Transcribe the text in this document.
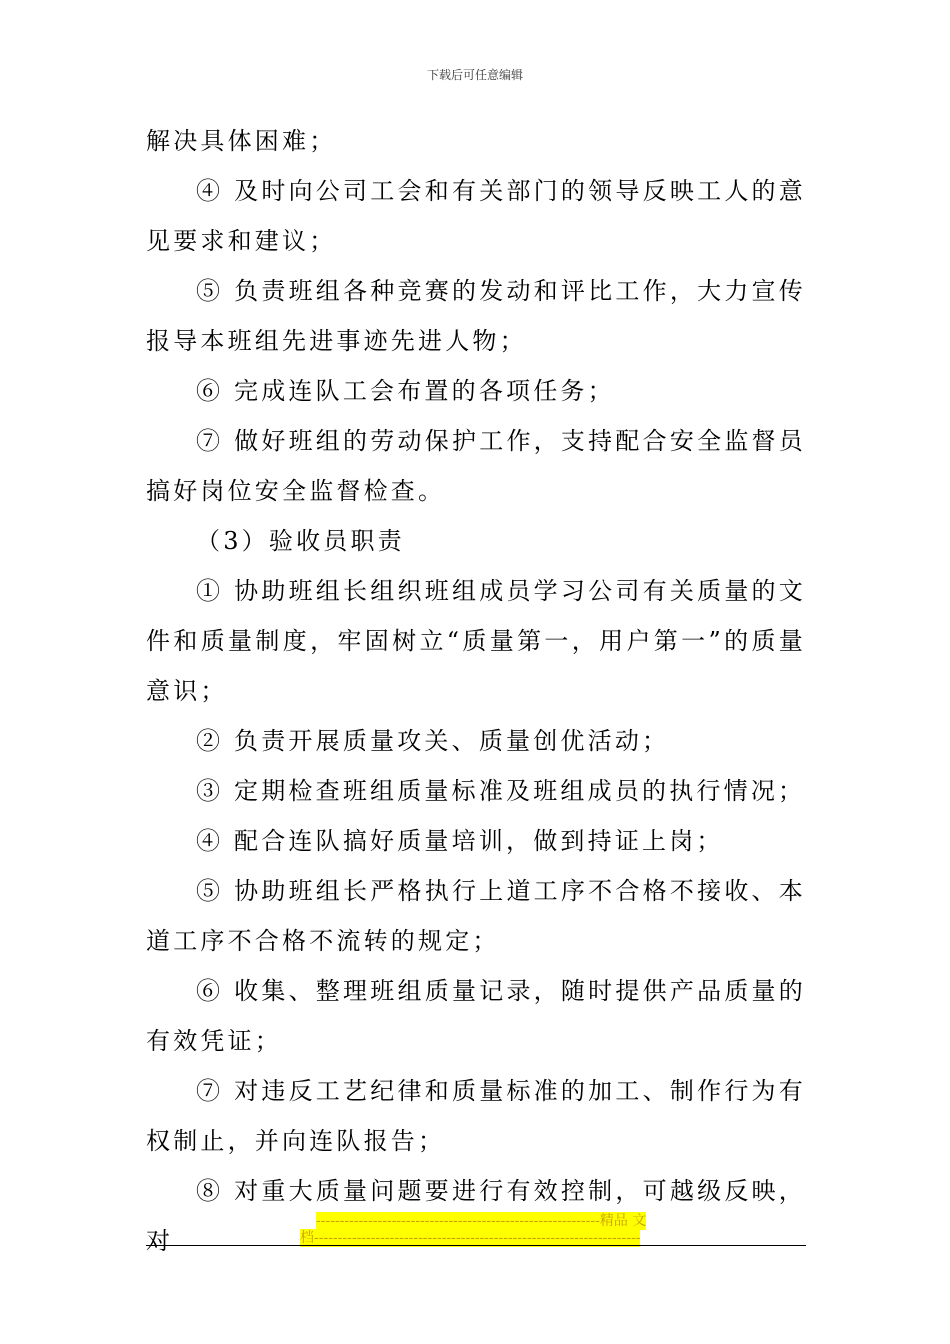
下载后可任意编辑
解决具体困难；
④ 及时向公司工会和有关部门的领导反映工人的意见要求和建议；
⑤ 负责班组各种竞赛的发动和评比工作，大力宣传报导本班组先进事迹先进人物；
⑥ 完成连队工会布置的各项任务；
⑦ 做好班组的劳动保护工作，支持配合安全监督员搞好岗位安全监督检查。
（3）验收员职责
① 协助班组长组织班组成员学习公司有关质量的文件和质量制度，牢固树立“质量第一，用户第一”的质量意识；
② 负责开展质量攻关、质量创优活动；
③ 定期检查班组质量标准及班组成员的执行情况；
④ 配合连队搞好质量培训，做到持证上岗；
⑤ 协助班组长严格执行上道工序不合格不接收、本道工序不合格不流转的规定；
⑥ 收集、整理班组质量记录，随时提供产品质量的有效凭证；
⑦ 对违反工艺纪律和质量标准的加工、制作行为有权制止，并向连队报告；
⑧ 对重大质量问题要进行有效控制，可越级反映，对
------------------------------------------------------------精品 文
档---------------------------------------------------------------------
